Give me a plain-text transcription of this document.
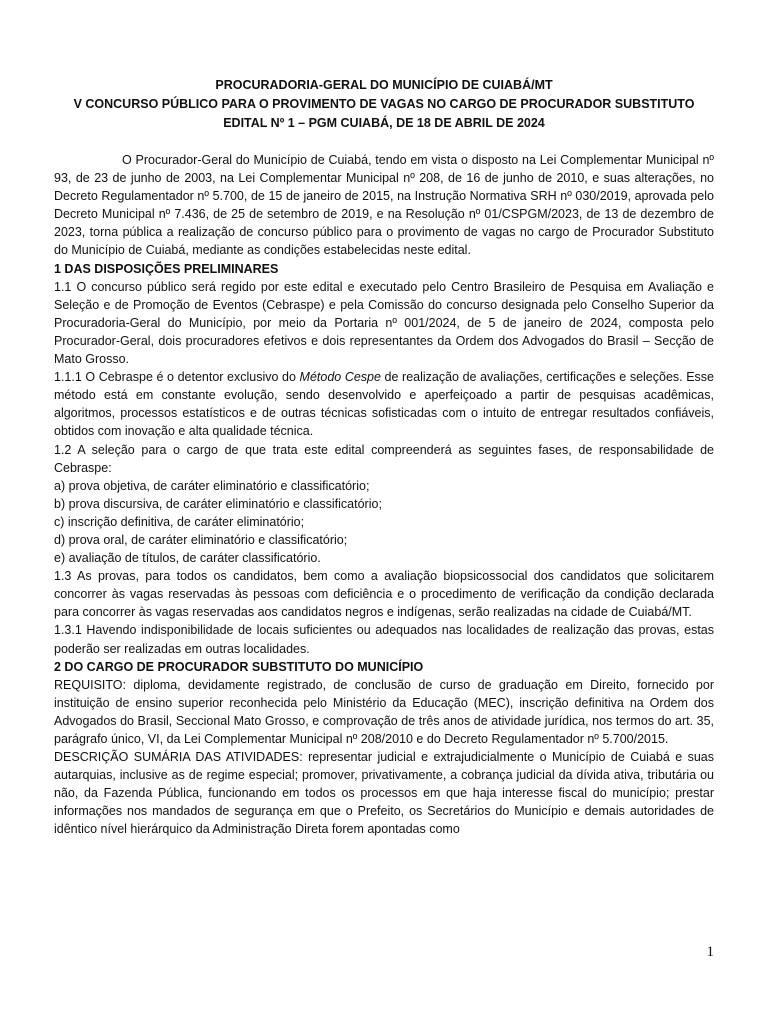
PROCURADORIA-GERAL DO MUNICÍPIO DE CUIABÁ/MT
V CONCURSO PÚBLICO PARA O PROVIMENTO DE VAGAS NO CARGO DE PROCURADOR SUBSTITUTO
EDITAL Nº 1 – PGM CUIABÁ, DE 18 DE ABRIL DE 2024

O Procurador-Geral do Município de Cuiabá, tendo em vista o disposto na Lei Complementar Municipal nº 93, de 23 de junho de 2003, na Lei Complementar Municipal nº 208, de 16 de junho de 2010, e suas alterações, no Decreto Regulamentador nº 5.700, de 15 de janeiro de 2015, na Instrução Normativa SRH nº 030/2019, aprovada pelo Decreto Municipal nº 7.436, de 25 de setembro de 2019, e na Resolução nº 01/CSPGM/2023, de 13 de dezembro de 2023, torna pública a realização de concurso público para o provimento de vagas no cargo de Procurador Substituto do Município de Cuiabá, mediante as condições estabelecidas neste edital.

1 DAS DISPOSIÇÕES PRELIMINARES

1.1 O concurso público será regido por este edital e executado pelo Centro Brasileiro de Pesquisa em Avaliação e Seleção e de Promoção de Eventos (Cebraspe) e pela Comissão do concurso designada pelo Conselho Superior da Procuradoria-Geral do Município, por meio da Portaria nº 001/2024, de 5 de janeiro de 2024, composta pelo Procurador-Geral, dois procuradores efetivos e dois representantes da Ordem dos Advogados do Brasil – Secção de Mato Grosso.

1.1.1 O Cebraspe é o detentor exclusivo do Método Cespe de realização de avaliações, certificações e seleções. Esse método está em constante evolução, sendo desenvolvido e aperfeiçoado a partir de pesquisas acadêmicas, algoritmos, processos estatísticos e de outras técnicas sofisticadas com o intuito de entregar resultados confiáveis, obtidos com inovação e alta qualidade técnica.

1.2 A seleção para o cargo de que trata este edital compreenderá as seguintes fases, de responsabilidade de Cebraspe:

a) prova objetiva, de caráter eliminatório e classificatório;

b) prova discursiva, de caráter eliminatório e classificatório;

c) inscrição definitiva, de caráter eliminatório;

d) prova oral, de caráter eliminatório e classificatório;

e) avaliação de títulos, de caráter classificatório.

1.3 As provas, para todos os candidatos, bem como a avaliação biopsicossocial dos candidatos que solicitarem concorrer às vagas reservadas às pessoas com deficiência e o procedimento de verificação da condição declarada para concorrer às vagas reservadas aos candidatos negros e indígenas, serão realizadas na cidade de Cuiabá/MT.

1.3.1 Havendo indisponibilidade de locais suficientes ou adequados nas localidades de realização das provas, estas poderão ser realizadas em outras localidades.

2 DO CARGO DE PROCURADOR SUBSTITUTO DO MUNICÍPIO

REQUISITO: diploma, devidamente registrado, de conclusão de curso de graduação em Direito, fornecido por instituição de ensino superior reconhecida pelo Ministério da Educação (MEC), inscrição definitiva na Ordem dos Advogados do Brasil, Seccional Mato Grosso, e comprovação de três anos de atividade jurídica, nos termos do art. 35, parágrafo único, VI, da Lei Complementar Municipal nº 208/2010 e do Decreto Regulamentador nº 5.700/2015.

DESCRIÇÃO SUMÁRIA DAS ATIVIDADES: representar judicial e extrajudicialmente o Município de Cuiabá e suas autarquias, inclusive as de regime especial; promover, privativamente, a cobrança judicial da dívida ativa, tributária ou não, da Fazenda Pública, funcionando em todos os processos em que haja interesse fiscal do município; prestar informações nos mandados de segurança em que o Prefeito, os Secretários do Município e demais autoridades de idêntico nível hierárquico da Administração Direta forem apontadas como

1
